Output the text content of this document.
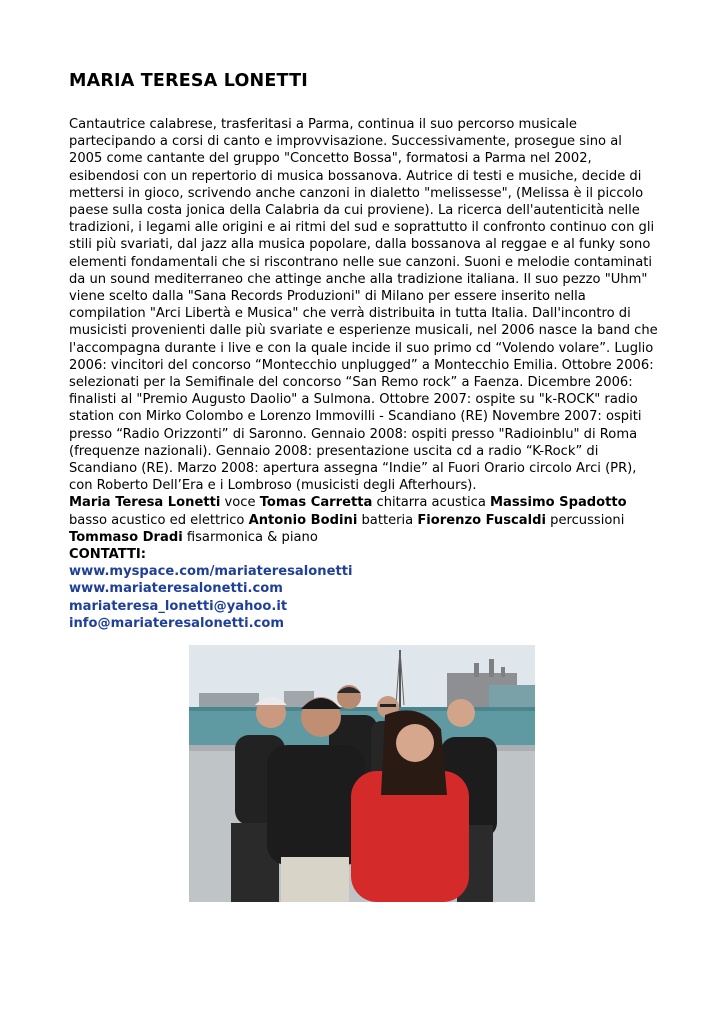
MARIA TERESA LONETTI

Cantautrice calabrese, trasferitasi a Parma, continua il suo percorso musicale partecipando a corsi di canto e improvvisazione. Successivamente, prosegue sino al 2005 come cantante del gruppo "Concetto Bossa", formatosi a Parma nel 2002, esibendosi con un repertorio di musica bossanova. Autrice di testi e musiche, decide di mettersi in gioco, scrivendo anche canzoni in dialetto "melissesse", (Melissa è il piccolo paese sulla costa jonica della Calabria da cui proviene). La ricerca dell'autenticità nelle tradizioni, i legami alle origini e ai ritmi del sud e soprattutto il confronto continuo con gli stili più svariati, dal jazz alla musica popolare, dalla bossanova al reggae e al funky sono elementi fondamentali che si riscontrano nelle sue canzoni. Suoni e melodie contaminati da un sound mediterraneo che attinge anche alla tradizione italiana. Il suo pezzo "Uhm" viene scelto dalla "Sana Records Produzioni" di Milano per essere inserito nella compilation "Arci Libertà e Musica" che verrà distribuita in tutta Italia. Dall'incontro di musicisti provenienti dalle più svariate e esperienze musicali, nel 2006 nasce la band che l'accompagna durante i live e con la quale incide il suo primo cd “Volendo volare”. Luglio 2006: vincitori del concorso “Montecchio unplugged” a Montecchio Emilia. Ottobre 2006: selezionati per la Semifinale del concorso “San Remo rock” a Faenza. Dicembre 2006: finalisti al "Premio Augusto Daolio" a Sulmona. Ottobre 2007: ospite su "k-ROCK" radio station con Mirko Colombo e Lorenzo Immovilli - Scandiano (RE) Novembre 2007: ospiti presso “Radio Orizzonti” di Saronno. Gennaio 2008: ospiti presso "Radioinblu" di Roma (frequenze nazionali). Gennaio 2008: presentazione uscita cd a radio “K-Rock” di Scandiano (RE). Marzo 2008: apertura assegna “Indie” al Fuori Orario circolo Arci (PR), con Roberto Dell’Era e i Lombroso (musicisti degli Afterhours).

Maria Teresa Lonetti voce Tomas Carretta chitarra acustica Massimo Spadotto basso acustico ed elettrico Antonio Bodini batteria Fiorenzo Fuscaldi percussioni
Tommaso Dradi fisarmonica & piano

CONTATTI:

www.myspace.com/mariateresalonetti
www.mariateresalonetti.com
mariateresa_lonetti@yahoo.it
info@mariateresalonetti.com
